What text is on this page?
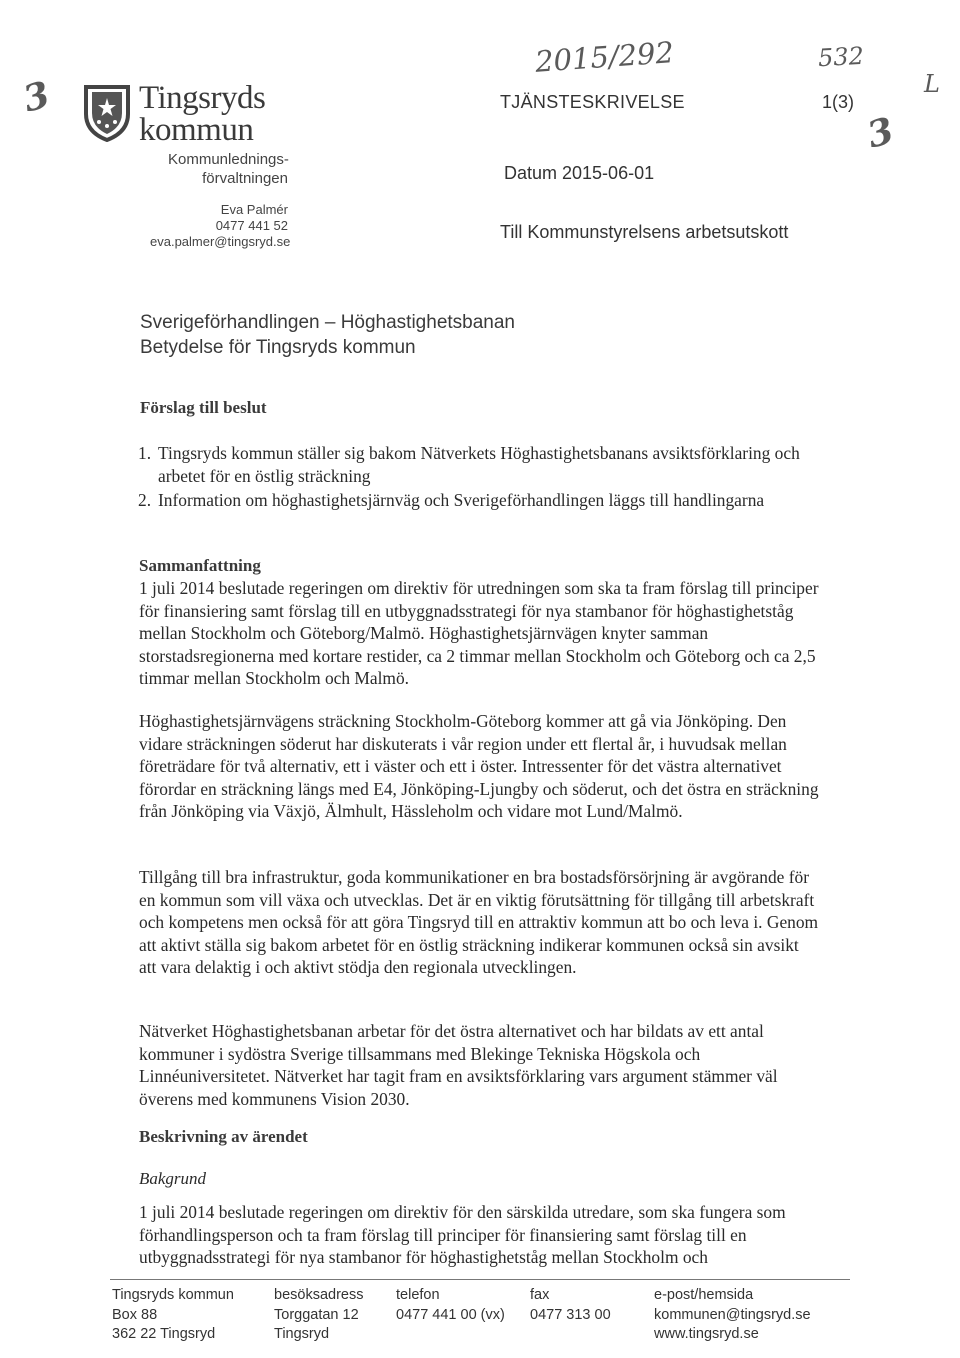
Tingsryds
kommun
Kommunlednings-
förvaltningen
Eva Palmér
0477 441 52
eva.palmer@tingsryd.se
TJÄNSTESKRIVELSE	1(3)
Datum 2015-06-01
Till Kommunstyrelsens arbetsutskott
2015/292	532
3
3
L
Sverigeförhandlingen – Höghastighetsbanan
Betydelse för Tingsryds kommun
Förslag till beslut
1. Tingsryds kommun ställer sig bakom Nätverkets Höghastighetsbanans avsiktsförklaring och arbetet för en östlig sträckning
2. Information om höghastighetsjärnväg och Sverigeförhandlingen läggs till handlingarna
Sammanfattning

1 juli 2014 beslutade regeringen om direktiv för utredningen som ska ta fram förslag till principer för finansiering samt förslag till en utbyggnadsstrategi för nya stambanor för höghastighetståg mellan Stockholm och Göteborg/Malmö. Höghastighetsjärnvägen knyter samman storstadsregionerna med kortare restider, ca 2 timmar mellan Stockholm och Göteborg och ca 2,5 timmar mellan Stockholm och Malmö.

Höghastighetsjärnvägens sträckning Stockholm-Göteborg kommer att gå via Jönköping. Den vidare sträckningen söderut har diskuterats i vår region under ett flertal år, i huvudsak mellan företrädare för två alternativ, ett i väster och ett i öster. Intressenter för det västra alternativet förordar en sträckning längs med E4, Jönköping-Ljungby och söderut, och det östra en sträckning från Jönköping via Växjö, Älmhult, Hässleholm och vidare mot Lund/Malmö.

Tillgång till bra infrastruktur, goda kommunikationer en bra bostadsförsörjning är avgörande för en kommun som vill växa och utvecklas. Det är en viktig förutsättning för tillgång till arbetskraft och kompetens men också för att göra Tingsryd till en attraktiv kommun att bo och leva i. Genom att aktivt ställa sig bakom arbetet för en östlig sträckning indikerar kommunen också sin avsikt att vara delaktig i och aktivt stödja den regionala utvecklingen.

Nätverket Höghastighetsbanan arbetar för det östra alternativet och har bildats av ett antal kommuner i sydöstra Sverige tillsammans med Blekinge Tekniska Högskola och Linnéuniversitetet. Nätverket har tagit fram en avsiktsförklaring vars argument stämmer väl överens med kommunens Vision 2030.

Beskrivning av ärendet
Bakgrund

1 juli 2014 beslutade regeringen om direktiv för den särskilda utredare, som ska fungera som förhandlingsperson och ta fram förslag till principer för finansiering samt förslag till en utbyggnadsstrategi för nya stambanor för höghastighetståg mellan Stockholm och

Tingsryds kommun
Box 88
362 22 Tingsryd
besöksadress
Torggatan 12
Tingsryd
telefon
0477 441 00 (vx)
fax
0477 313 00
e-post/hemsida
kommunen@tingsryd.se
www.tingsryd.se
